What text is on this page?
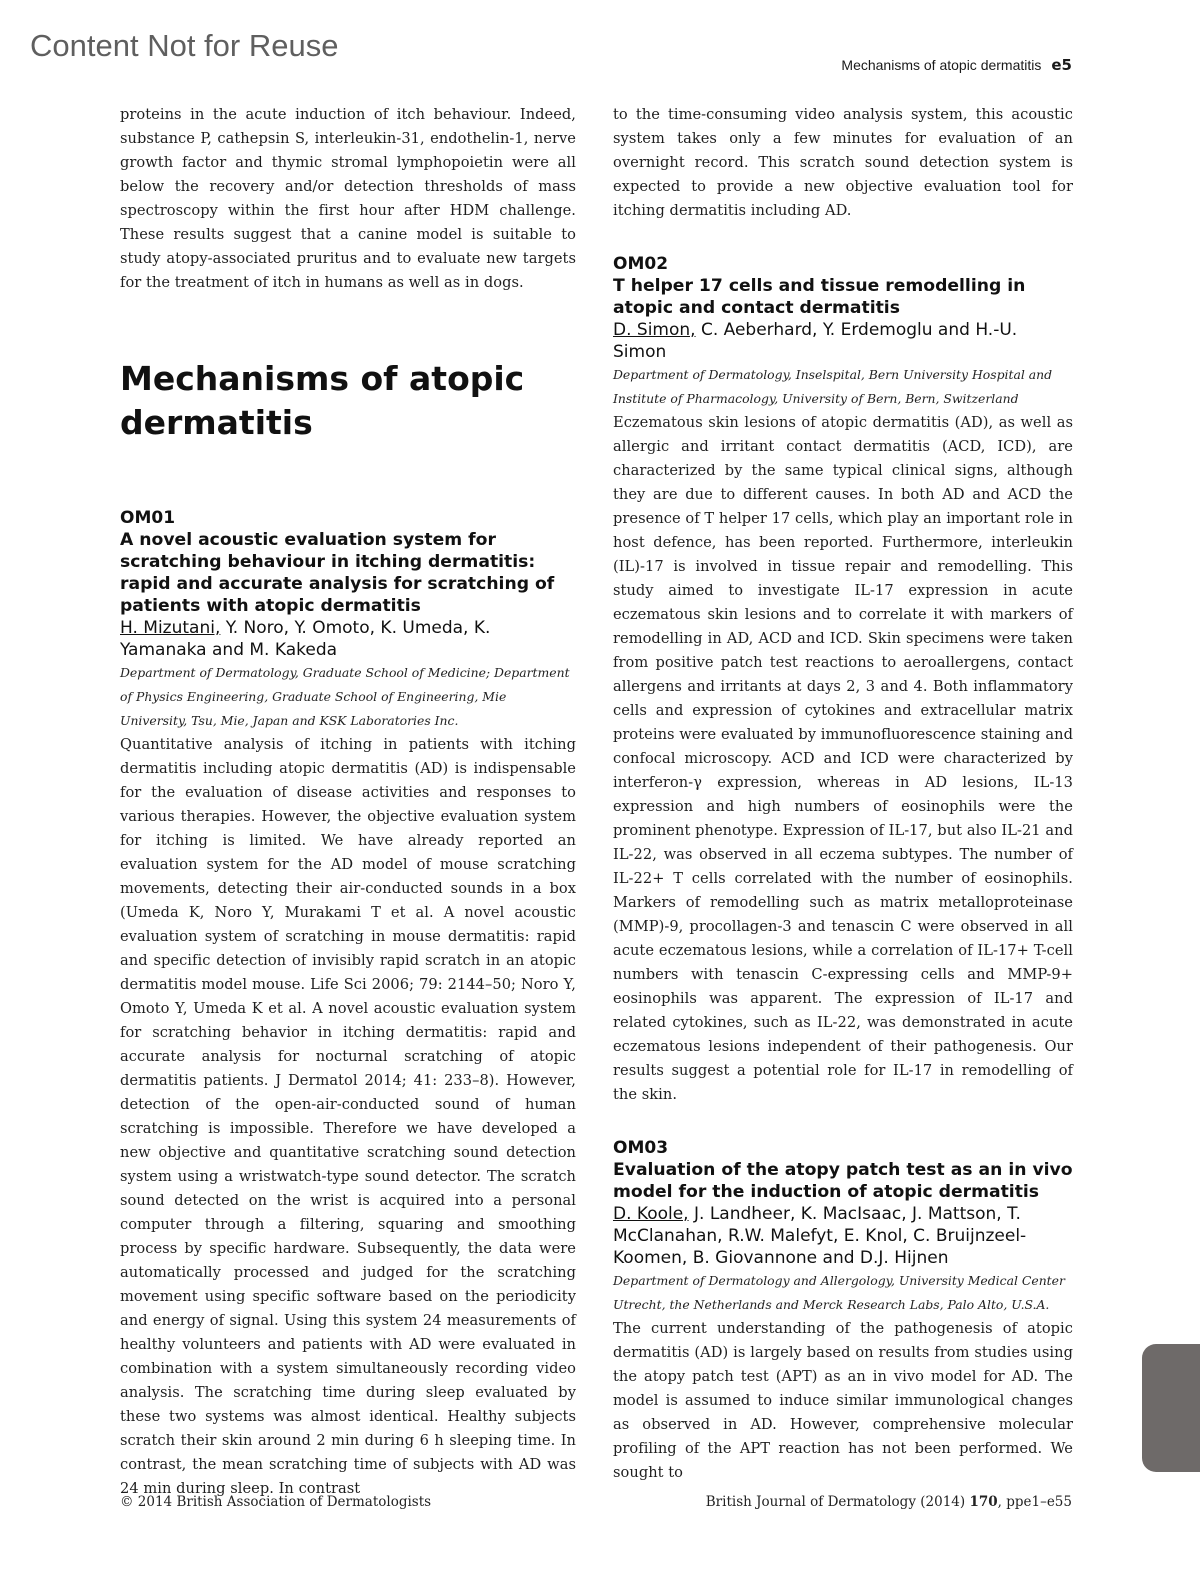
Content Not for Reuse
Mechanisms of atopic dermatitis e5

proteins in the acute induction of itch behaviour. Indeed, substance P, cathepsin S, interleukin-31, endothelin-1, nerve growth factor and thymic stromal lymphopoietin were all below the recovery and/or detection thresholds of mass spectroscopy within the first hour after HDM challenge. These results suggest that a canine model is suitable to study atopy-associated pruritus and to evaluate new targets for the treatment of itch in humans as well as in dogs.

Mechanisms of atopic dermatitis

OM01

A novel acoustic evaluation system for scratching behaviour in itching dermatitis: rapid and accurate analysis for scratching of patients with atopic dermatitis

H. Mizutani, Y. Noro, Y. Omoto, K. Umeda, K. Yamanaka and M. Kakeda

Department of Dermatology, Graduate School of Medicine; Department of Physics Engineering, Graduate School of Engineering, Mie University, Tsu, Mie, Japan and KSK Laboratories Inc.

Quantitative analysis of itching in patients with itching dermatitis including atopic dermatitis (AD) is indispensable for the evaluation of disease activities and responses to various therapies. However, the objective evaluation system for itching is limited. We have already reported an evaluation system for the AD model of mouse scratching movements, detecting their air-conducted sounds in a box (Umeda K, Noro Y, Murakami T et al. A novel acoustic evaluation system of scratching in mouse dermatitis: rapid and specific detection of invisibly rapid scratch in an atopic dermatitis model mouse. Life Sci 2006; 79: 2144–50; Noro Y, Omoto Y, Umeda K et al. A novel acoustic evaluation system for scratching behavior in itching dermatitis: rapid and accurate analysis for nocturnal scratching of atopic dermatitis patients. J Dermatol 2014; 41: 233–8). However, detection of the open-air-conducted sound of human scratching is impossible. Therefore we have developed a new objective and quantitative scratching sound detection system using a wristwatch-type sound detector. The scratch sound detected on the wrist is acquired into a personal computer through a filtering, squaring and smoothing process by specific hardware. Subsequently, the data were automatically processed and judged for the scratching movement using specific software based on the periodicity and energy of signal. Using this system 24 measurements of healthy volunteers and patients with AD were evaluated in combination with a system simultaneously recording video analysis. The scratching time during sleep evaluated by these two systems was almost identical. Healthy subjects scratch their skin around 2 min during 6 h sleeping time. In contrast, the mean scratching time of subjects with AD was 24 min during sleep. In contrast

to the time-consuming video analysis system, this acoustic system takes only a few minutes for evaluation of an overnight record. This scratch sound detection system is expected to provide a new objective evaluation tool for itching dermatitis including AD.

OM02

T helper 17 cells and tissue remodelling in atopic and contact dermatitis

D. Simon, C. Aeberhard, Y. Erdemoglu and H.-U. Simon

Department of Dermatology, Inselspital, Bern University Hospital and Institute of Pharmacology, University of Bern, Bern, Switzerland

Eczematous skin lesions of atopic dermatitis (AD), as well as allergic and irritant contact dermatitis (ACD, ICD), are characterized by the same typical clinical signs, although they are due to different causes. In both AD and ACD the presence of T helper 17 cells, which play an important role in host defence, has been reported. Furthermore, interleukin (IL)-17 is involved in tissue repair and remodelling. This study aimed to investigate IL-17 expression in acute eczematous skin lesions and to correlate it with markers of remodelling in AD, ACD and ICD. Skin specimens were taken from positive patch test reactions to aeroallergens, contact allergens and irritants at days 2, 3 and 4. Both inflammatory cells and expression of cytokines and extracellular matrix proteins were evaluated by immunofluorescence staining and confocal microscopy. ACD and ICD were characterized by interferon-γ expression, whereas in AD lesions, IL-13 expression and high numbers of eosinophils were the prominent phenotype. Expression of IL-17, but also IL-21 and IL-22, was observed in all eczema subtypes. The number of IL-22+ T cells correlated with the number of eosinophils. Markers of remodelling such as matrix metalloproteinase (MMP)-9, procollagen-3 and tenascin C were observed in all acute eczematous lesions, while a correlation of IL-17+ T-cell numbers with tenascin C-expressing cells and MMP-9+ eosinophils was apparent. The expression of IL-17 and related cytokines, such as IL-22, was demonstrated in acute eczematous lesions independent of their pathogenesis. Our results suggest a potential role for IL-17 in remodelling of the skin.

OM03

Evaluation of the atopy patch test as an in vivo model for the induction of atopic dermatitis

D. Koole, J. Landheer, K. MacIsaac, J. Mattson, T. McClanahan, R.W. Malefyt, E. Knol, C. Bruijnzeel-Koomen, B. Giovannone and D.J. Hijnen

Department of Dermatology and Allergology, University Medical Center Utrecht, the Netherlands and Merck Research Labs, Palo Alto, U.S.A.

The current understanding of the pathogenesis of atopic dermatitis (AD) is largely based on results from studies using the atopy patch test (APT) as an in vivo model for AD. The model is assumed to induce similar immunological changes as observed in AD. However, comprehensive molecular profiling of the APT reaction has not been performed. We sought to

© 2014 British Association of Dermatologists	British Journal of Dermatology (2014) 170, ppe1–e55
